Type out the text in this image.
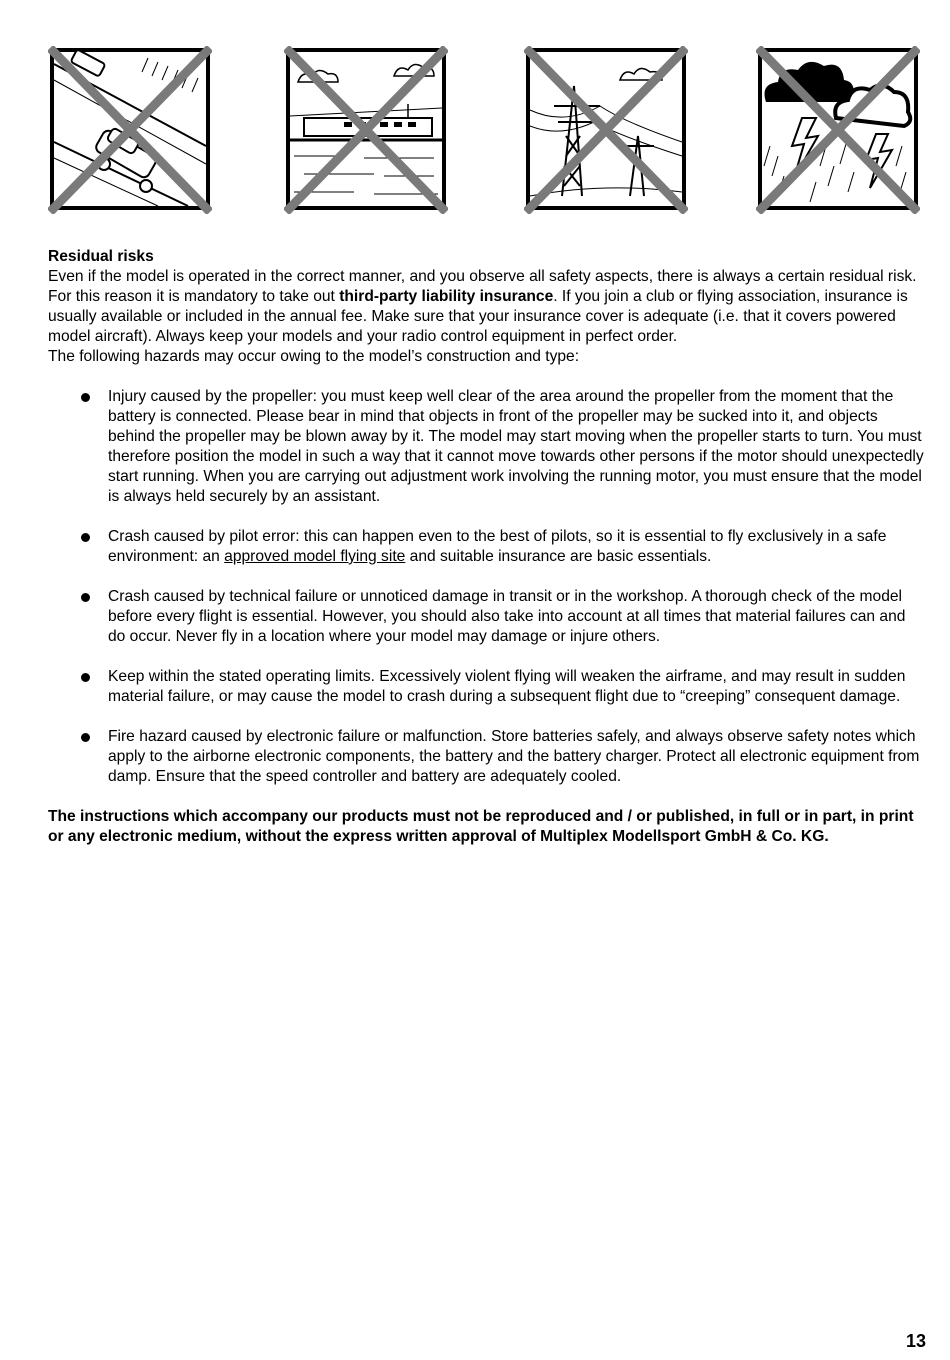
Residual risks

Even if the model is operated in the correct manner, and you observe all safety aspects, there is always a certain residual risk.

For this reason it is mandatory to take out third-party liability insurance. If you join a club or flying association, insurance is usually available or included in the annual fee. Make sure that your insurance cover is adequate (i.e. that it covers powered model aircraft). Always keep your models and your radio control equipment in perfect order.

The following hazards may occur owing to the model’s construction and type:

Injury caused by the propeller: you must keep well clear of the area around the propeller from the moment that the battery is connected. Please bear in mind that objects in front of the propeller may be sucked into it, and objects behind the propeller may be blown away by it. The model may start moving when the propeller starts to turn. You must therefore position the model in such a way that it cannot move towards other persons if the motor should unexpectedly start running. When you are carrying out adjustment work involving the running motor, you must ensure that the model is always held securely by an assistant.
Crash caused by pilot error: this can happen even to the best of pilots, so it is essential to fly exclusively in a safe environment: an approved model flying site and suitable insurance are basic essentials.
Crash caused by technical failure or unnoticed damage in transit or in the workshop. A thorough check of the model before every flight is essential. However, you should also take into account at all times that material failures can and do occur. Never fly in a location where your model may damage or injure others.
Keep within the stated operating limits. Excessively violent flying will weaken the airframe, and may result in sudden material failure, or may cause the model to crash during a subsequent flight due to “creeping” consequent damage.
Fire hazard caused by electronic failure or malfunction. Store batteries safely, and always observe safety notes which apply to the airborne electronic components, the battery and the battery charger. Protect all electronic equipment from damp. Ensure that the speed controller and battery are adequately cooled.

The instructions which accompany our products must not be reproduced and / or published, in full or in part, in print or any electronic medium, without the express written approval of Multiplex Modellsport GmbH & Co. KG.

13
